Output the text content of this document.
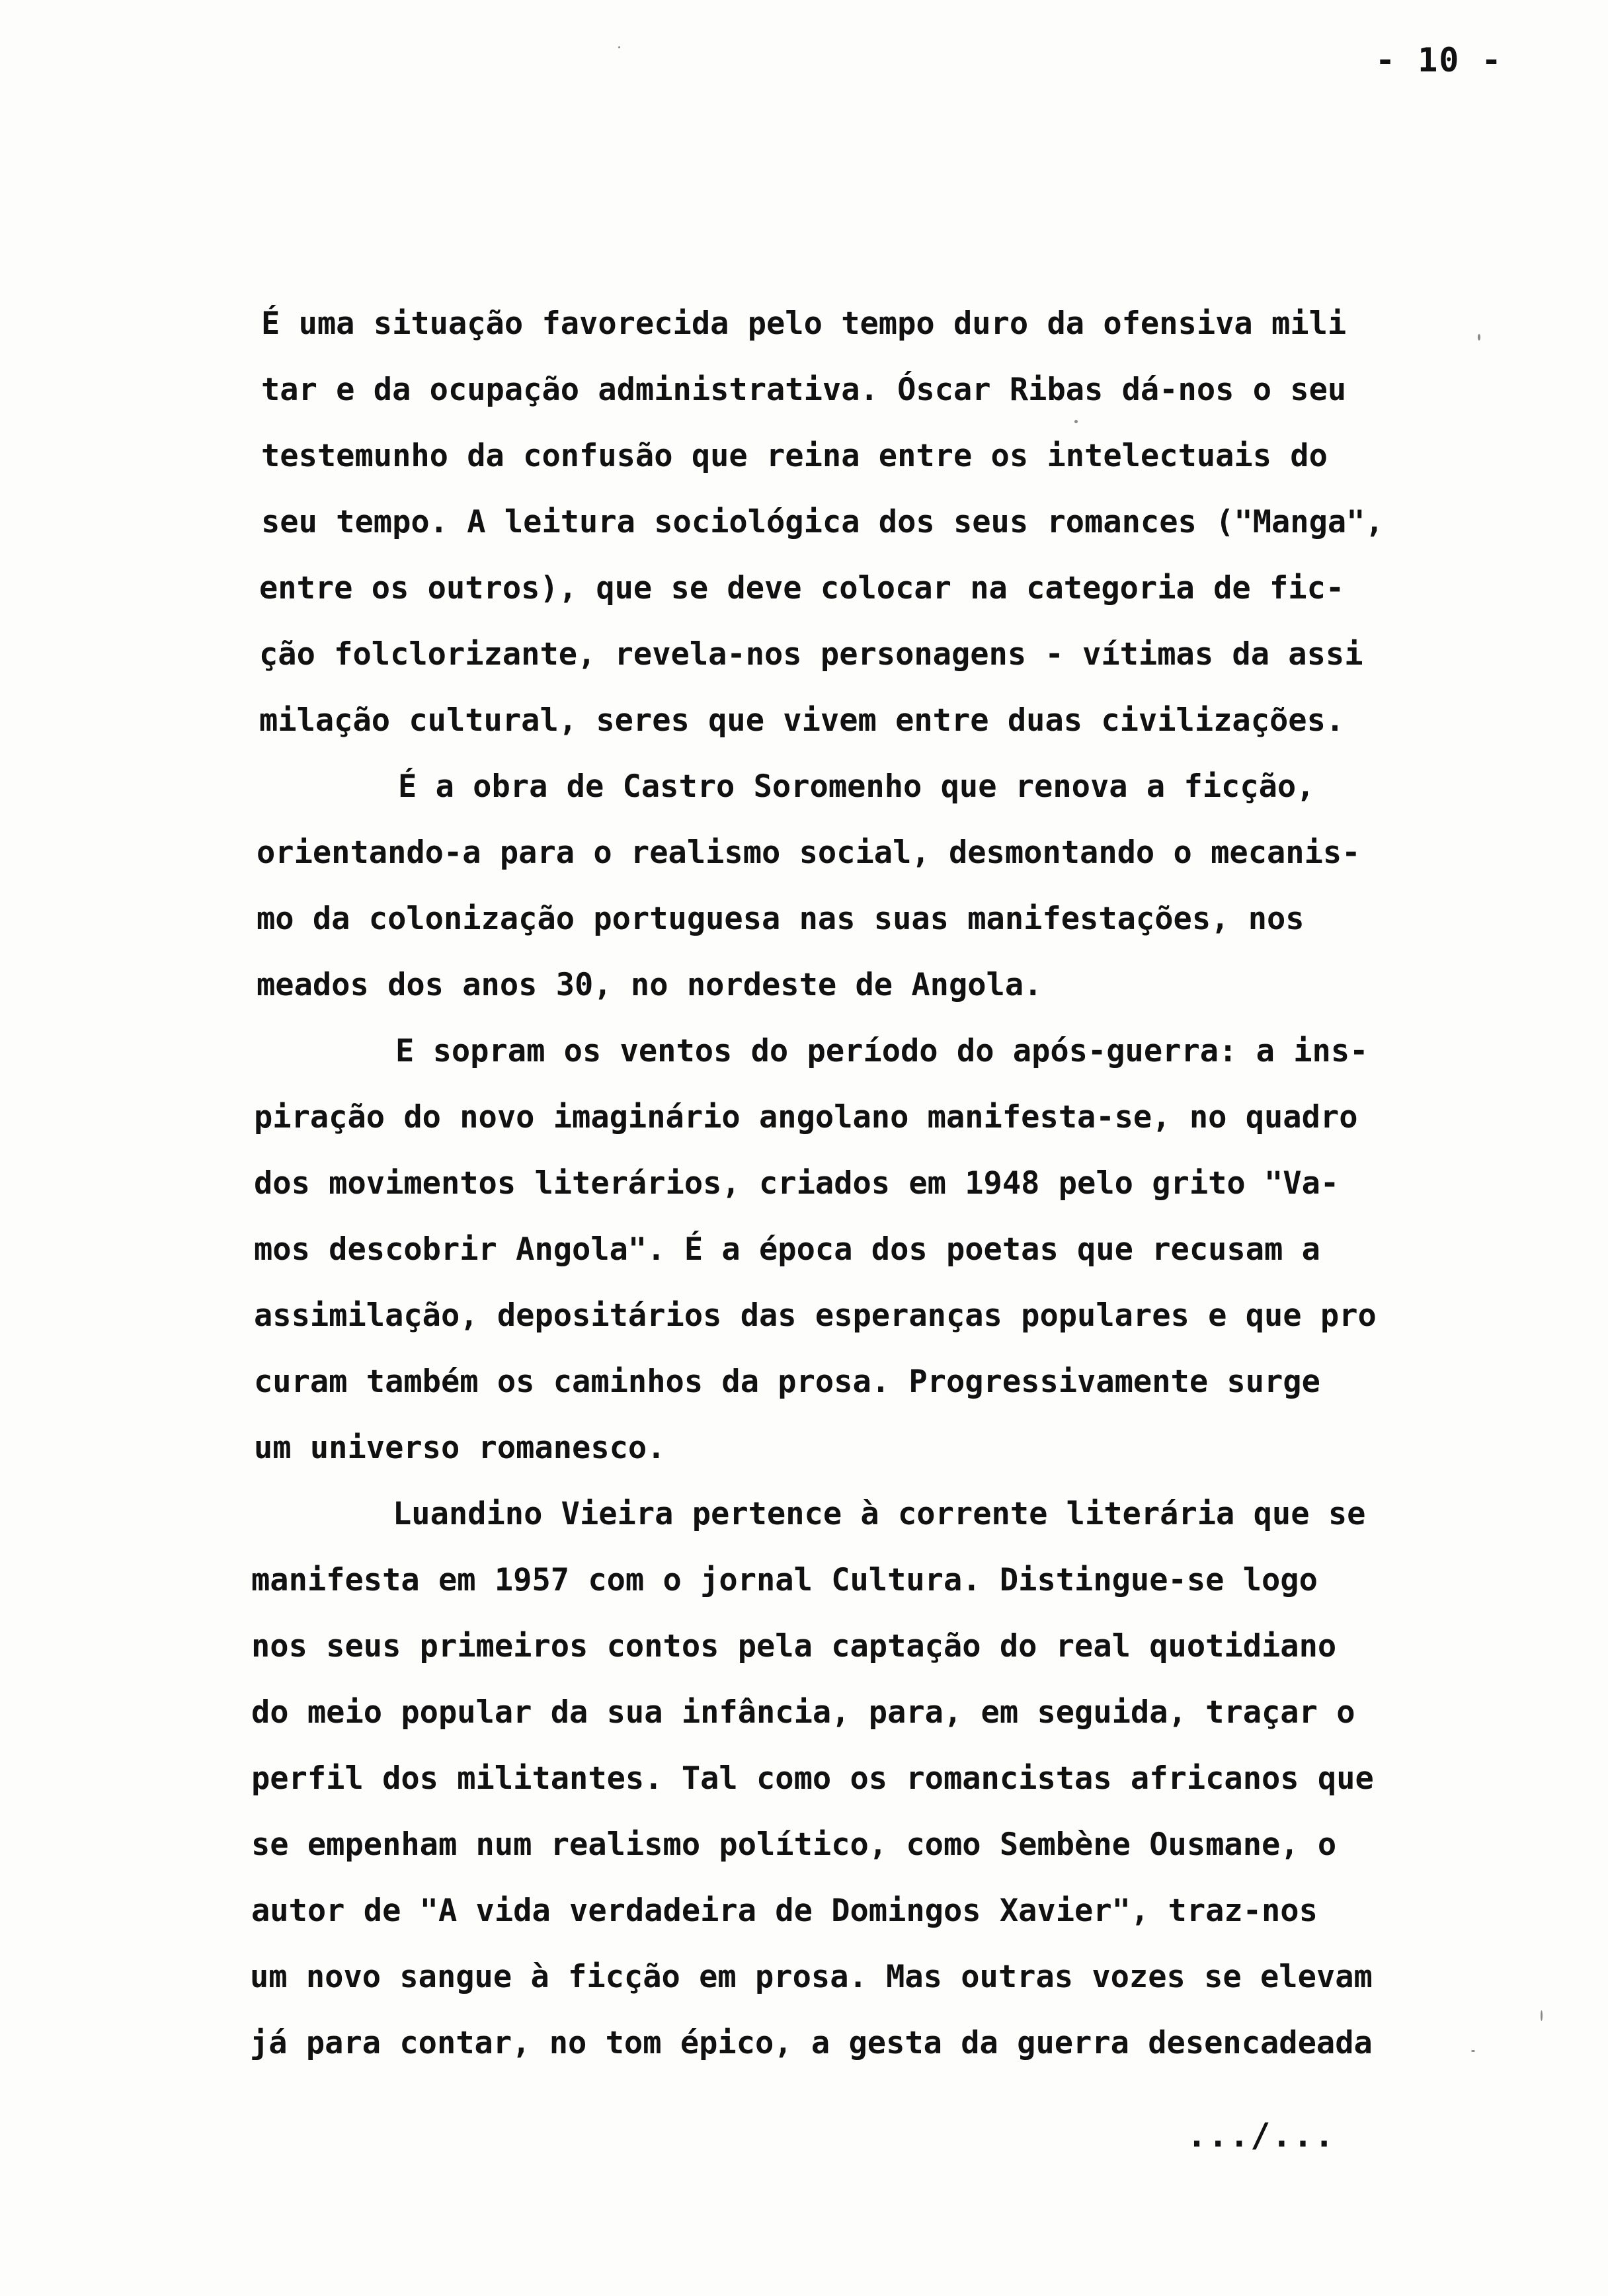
- 10 -
É uma situação favorecida pelo tempo duro da ofensiva mili
tar e da ocupação administrativa. Óscar Ribas dá-nos o seu
testemunho da confusão que reina entre os intelectuais do
seu tempo. A leitura sociológica dos seus romances ("Manga",
entre os outros), que se deve colocar na categoria de fic-
ção folclorizante, revela-nos personagens - vítimas da assi
milação cultural, seres que vivem entre duas civilizações.
É a obra de Castro Soromenho que renova a ficção,
orientando-a para o realismo social, desmontando o mecanis-
mo da colonização portuguesa nas suas manifestações, nos
meados dos anos 30, no nordeste de Angola.
E sopram os ventos do período do após-guerra: a ins-
piração do novo imaginário angolano manifesta-se, no quadro
dos movimentos literários, criados em 1948 pelo grito "Va-
mos descobrir Angola". É a época dos poetas que recusam a
assimilação, depositários das esperanças populares e que pro
curam também os caminhos da prosa. Progressivamente surge
um universo romanesco.
Luandino Vieira pertence à corrente literária que se
manifesta em 1957 com o jornal Cultura. Distingue-se logo
nos seus primeiros contos pela captação do real quotidiano
do meio popular da sua infância, para, em seguida, traçar o
perfil dos militantes. Tal como os romancistas africanos que
se empenham num realismo político, como Sembène Ousmane, o
autor de "A vida verdadeira de Domingos Xavier", traz-nos
um novo sangue à ficção em prosa. Mas outras vozes se elevam
já para contar, no tom épico, a gesta da guerra desencadeada
.../...
